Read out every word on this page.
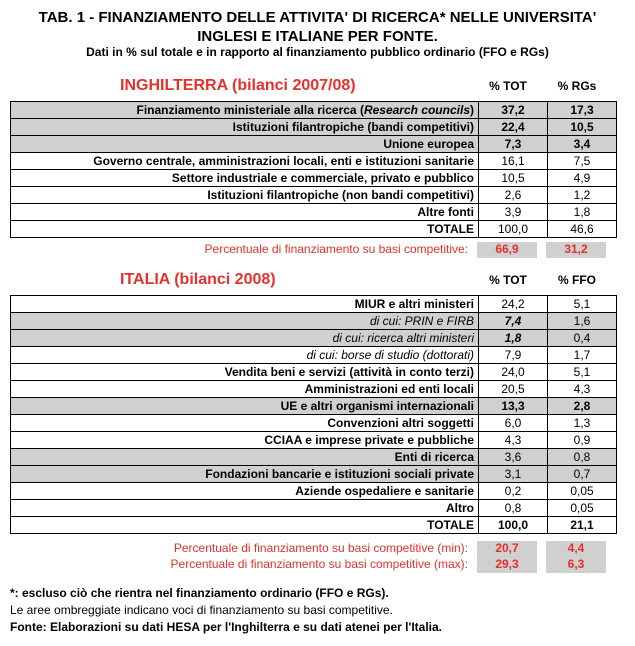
TAB. 1 - FINANZIAMENTO DELLE ATTIVITA' DI RICERCA* NELLE UNIVERSITA'
INGLESI E ITALIANE PER FONTE.
Dati in % sul totale e in rapporto al finanziamento pubblico ordinario (FFO e RGs)
INGHILTERRA (bilanci 2007/08)	% TOT	% RGs
Finanziamento ministeriale alla ricerca (Research councils)	37,2	17,3
Istituzioni filantropiche (bandi competitivi)	22,4	10,5
Unione europea	7,3	3,4
Governo centrale, amministrazioni locali, enti e istituzioni sanitarie	16,1	7,5
Settore industriale e commerciale, privato e pubblico	10,5	4,9
Istituzioni filantropiche (non bandi competitivi)	2,6	1,2
Altre fonti	3,9	1,8
TOTALE	100,0	46,6
Percentuale di finanziamento su basi competitive:	66,9	31,2
ITALIA (bilanci 2008)	% TOT	% FFO
MIUR e altri ministeri	24,2	5,1
di cui: PRIN e FIRB	7,4	1,6
di cui: ricerca altri ministeri	1,8	0,4
di cui: borse di studio (dottorati)	7,9	1,7
Vendita beni e servizi (attività in conto terzi)	24,0	5,1
Amministrazioni ed enti locali	20,5	4,3
UE e altri organismi internazionali	13,3	2,8
Convenzioni altri soggetti	6,0	1,3
CCIAA e imprese private e pubbliche	4,3	0,9
Enti di ricerca	3,6	0,8
Fondazioni bancarie e istituzioni sociali private	3,1	0,7
Aziende ospedaliere e sanitarie	0,2	0,05
Altro	0,8	0,05
TOTALE	100,0	21,1
Percentuale di finanziamento su basi competitive (min):	20,7	4,4
Percentuale di finanziamento su basi competitive (max):	29,3	6,3
*: escluso ciò che rientra nel finanziamento ordinario (FFO e RGs).
Le aree ombreggiate indicano voci di finanziamento su basi competitive.
Fonte: Elaborazioni su dati HESA per l'Inghilterra e su dati atenei per l'Italia.
